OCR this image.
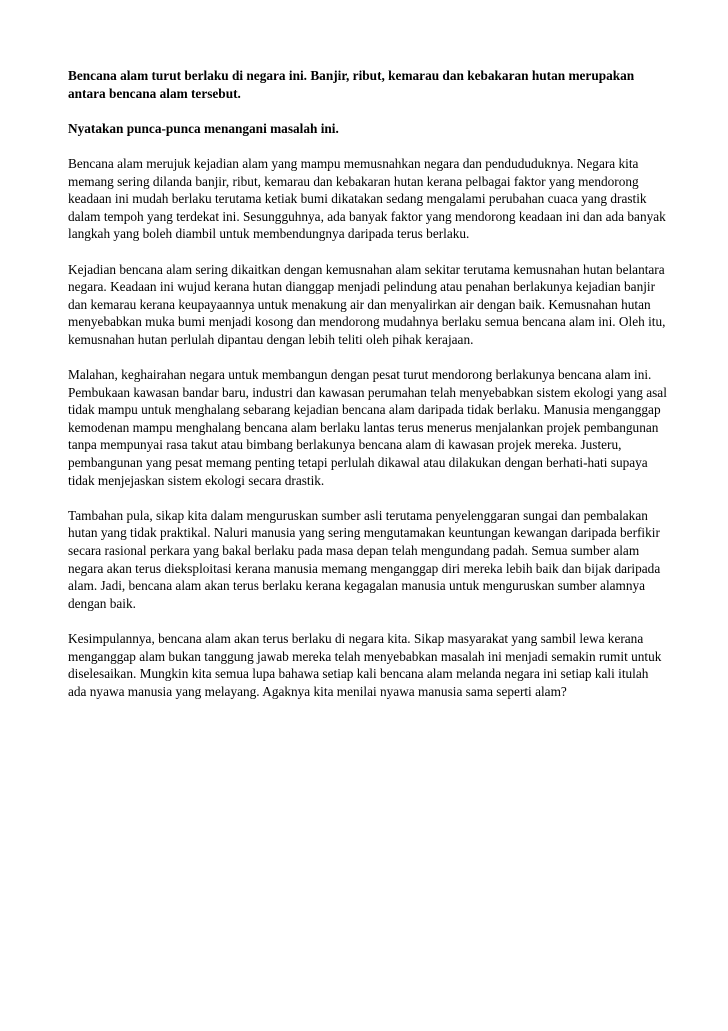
Bencana alam turut berlaku di negara ini. Banjir, ribut, kemarau dan kebakaran hutan merupakan antara bencana alam tersebut.

Nyatakan punca-punca menangani masalah ini.

Bencana alam merujuk kejadian alam yang mampu memusnahkan negara dan pendududuknya. Negara kita memang sering dilanda banjir, ribut, kemarau dan kebakaran hutan kerana pelbagai faktor yang mendorong keadaan ini mudah berlaku terutama ketiak bumi dikatakan sedang mengalami perubahan cuaca yang drastik dalam tempoh yang terdekat ini. Sesungguhnya, ada banyak faktor yang mendorong keadaan ini dan ada banyak langkah yang boleh diambil untuk membendungnya daripada terus berlaku.

Kejadian bencana alam sering dikaitkan dengan kemusnahan alam sekitar terutama kemusnahan hutan belantara negara. Keadaan ini wujud kerana hutan dianggap menjadi pelindung atau penahan berlakunya kejadian banjir dan kemarau kerana keupayaannya untuk menakung air dan menyalirkan air dengan baik. Kemusnahan hutan menyebabkan muka bumi menjadi kosong dan mendorong mudahnya berlaku semua bencana alam ini. Oleh itu, kemusnahan hutan perlulah dipantau dengan lebih teliti oleh pihak kerajaan.

Malahan, keghairahan negara untuk membangun dengan pesat turut mendorong berlakunya bencana alam ini. Pembukaan kawasan bandar baru, industri dan kawasan perumahan telah menyebabkan sistem ekologi yang asal tidak mampu untuk menghalang sebarang kejadian bencana alam daripada tidak berlaku. Manusia menganggap kemodenan mampu menghalang bencana alam berlaku lantas terus menerus menjalankan projek pembangunan tanpa mempunyai rasa takut atau bimbang berlakunya bencana alam di kawasan projek mereka. Justeru, pembangunan yang pesat memang penting tetapi perlulah dikawal atau dilakukan dengan berhati-hati supaya tidak menjejaskan sistem ekologi secara drastik.

Tambahan pula, sikap kita dalam menguruskan sumber asli terutama penyelenggaran sungai dan pembalakan hutan yang tidak praktikal. Naluri manusia yang sering mengutamakan keuntungan kewangan daripada berfikir secara rasional perkara yang bakal berlaku pada masa depan telah mengundang padah. Semua sumber alam negara akan terus dieksploitasi kerana manusia memang menganggap diri mereka lebih baik dan bijak daripada alam. Jadi, bencana alam akan terus berlaku kerana kegagalan manusia untuk menguruskan sumber alamnya dengan baik.

Kesimpulannya, bencana alam akan terus berlaku di negara kita. Sikap masyarakat yang sambil lewa kerana menganggap alam bukan tanggung jawab mereka telah menyebabkan masalah ini menjadi semakin rumit untuk diselesaikan. Mungkin kita semua lupa bahawa setiap kali bencana alam melanda negara ini setiap kali itulah ada nyawa manusia yang melayang. Agaknya kita menilai nyawa manusia sama seperti alam?
